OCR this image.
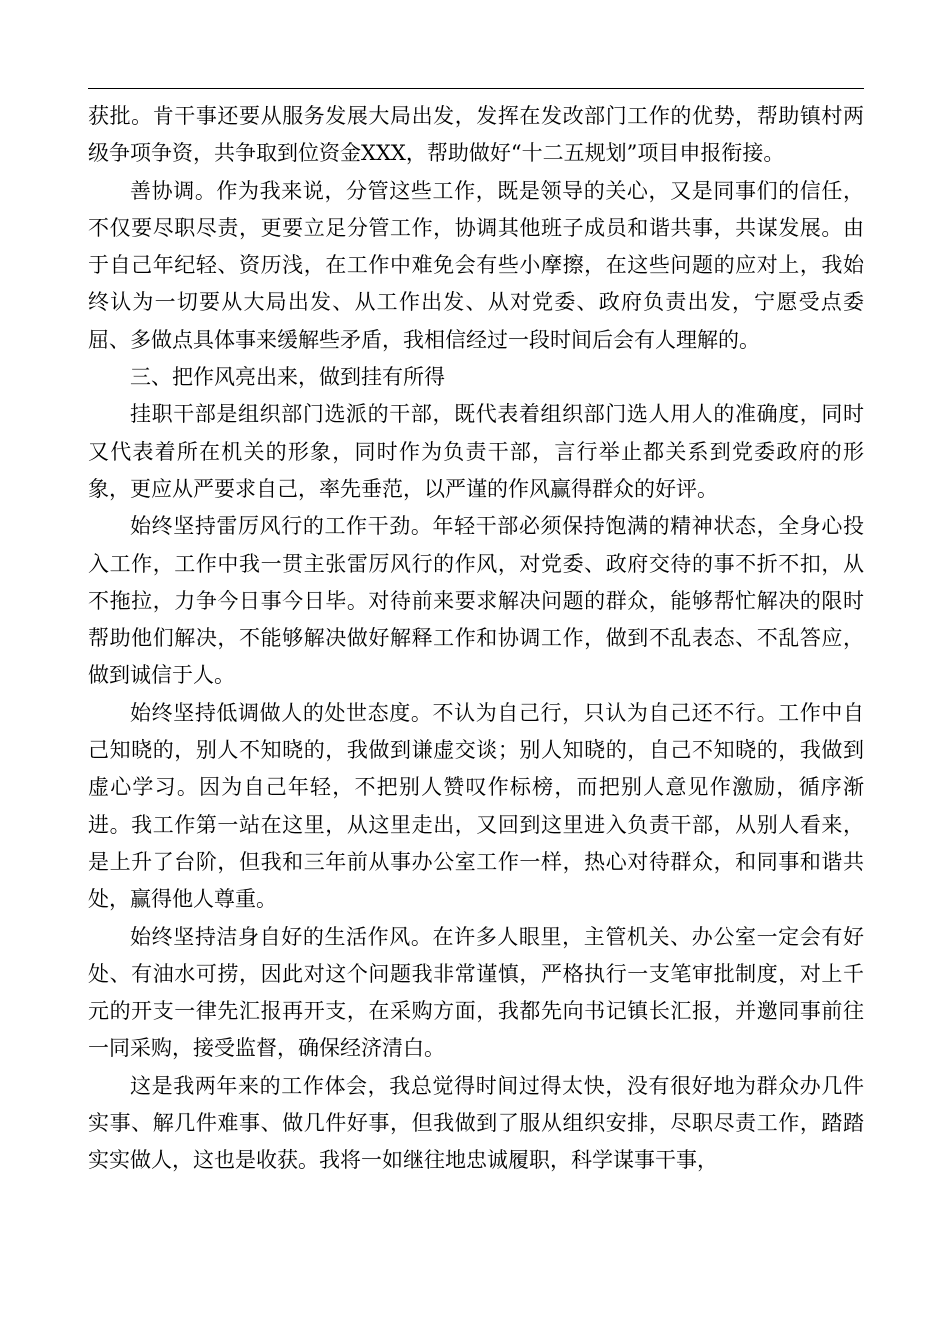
获批。肯干事还要从服务发展大局出发，发挥在发改部门工作的优势，帮助镇村两级争项争资，共争取到位资金XXX，帮助做好“十二五规划”项目申报衔接。

善协调。作为我来说，分管这些工作，既是领导的关心，又是同事们的信任，不仅要尽职尽责，更要立足分管工作，协调其他班子成员和谐共事，共谋发展。由于自己年纪轻、资历浅，在工作中难免会有些小摩擦，在这些问题的应对上，我始终认为一切要从大局出发、从工作出发、从对党委、政府负责出发，宁愿受点委屈、多做点具体事来缓解些矛盾，我相信经过一段时间后会有人理解的。

三、把作风亮出来，做到挂有所得

挂职干部是组织部门选派的干部，既代表着组织部门选人用人的准确度，同时又代表着所在机关的形象，同时作为负责干部，言行举止都关系到党委政府的形象，更应从严要求自己，率先垂范，以严谨的作风赢得群众的好评。

始终坚持雷厉风行的工作干劲。年轻干部必须保持饱满的精神状态，全身心投入工作，工作中我一贯主张雷厉风行的作风，对党委、政府交待的事不折不扣，从不拖拉，力争今日事今日毕。对待前来要求解决问题的群众，能够帮忙解决的限时帮助他们解决，不能够解决做好解释工作和协调工作，做到不乱表态、不乱答应，做到诚信于人。

始终坚持低调做人的处世态度。不认为自己行，只认为自己还不行。工作中自己知晓的，别人不知晓的，我做到谦虚交谈；别人知晓的，自己不知晓的，我做到虚心学习。因为自己年轻，不把别人赞叹作标榜，而把别人意见作激励，循序渐进。我工作第一站在这里，从这里走出，又回到这里进入负责干部，从别人看来，是上升了台阶，但我和三年前从事办公室工作一样，热心对待群众，和同事和谐共处，赢得他人尊重。

始终坚持洁身自好的生活作风。在许多人眼里，主管机关、办公室一定会有好处、有油水可捞，因此对这个问题我非常谨慎，严格执行一支笔审批制度，对上千元的开支一律先汇报再开支，在采购方面，我都先向书记镇长汇报，并邀同事前往一同采购，接受监督，确保经济清白。

这是我两年来的工作体会，我总觉得时间过得太快，没有很好地为群众办几件实事、解几件难事、做几件好事，但我做到了服从组织安排，尽职尽责工作，踏踏实实做人，这也是收获。我将一如继往地忠诚履职，科学谋事干事，
